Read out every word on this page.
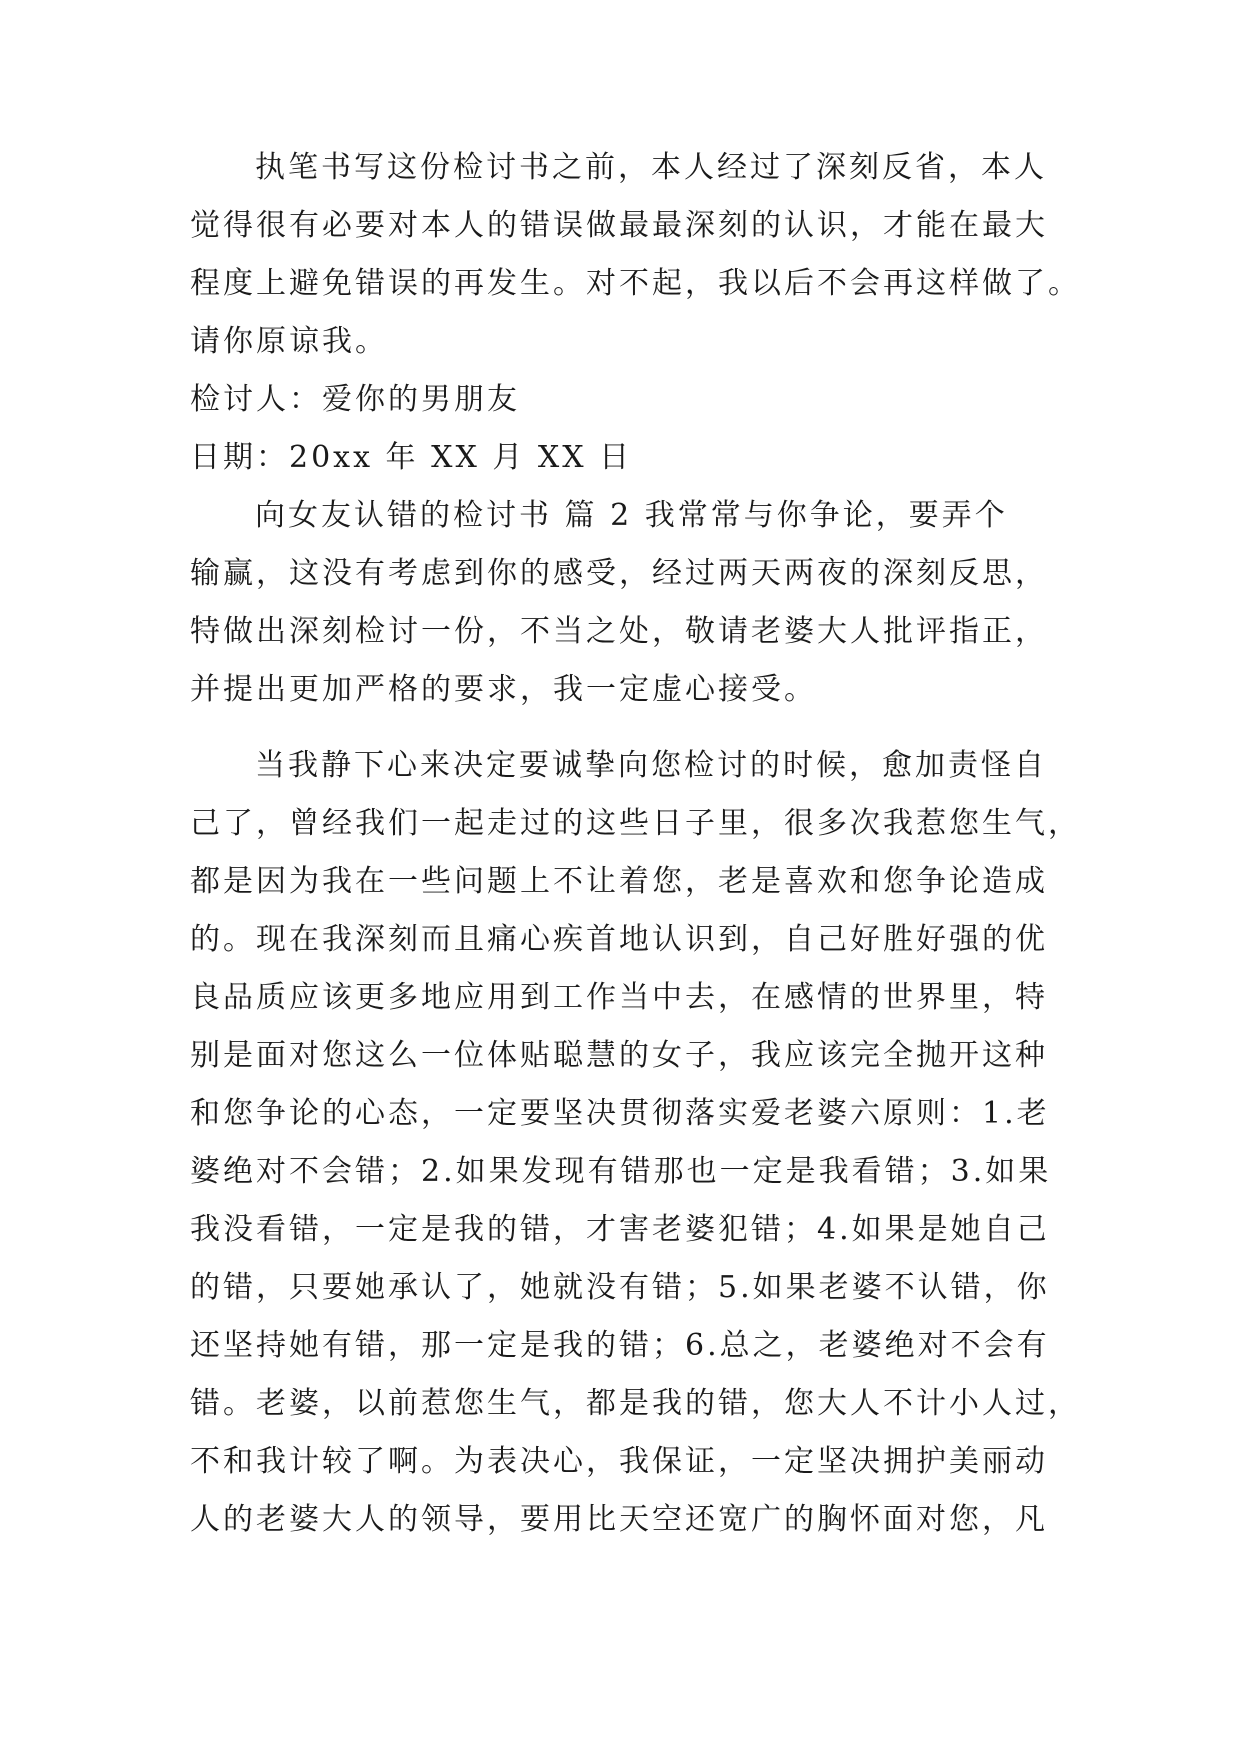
执笔书写这份检讨书之前，本人经过了深刻反省，本人
觉得很有必要对本人的错误做最最深刻的认识，才能在最大
程度上避免错误的再发生。对不起，我以后不会再这样做了。
请你原谅我。
检讨人：爱你的男朋友
日期：20xx 年 XX 月 XX 日
向女友认错的检讨书 篇 2 我常常与你争论，要弄个
输赢，这没有考虑到你的感受，经过两天两夜的深刻反思，
特做出深刻检讨一份，不当之处，敬请老婆大人批评指正，
并提出更加严格的要求，我一定虚心接受。
当我静下心来决定要诚挚向您检讨的时候，愈加责怪自
己了，曾经我们一起走过的这些日子里，很多次我惹您生气，
都是因为我在一些问题上不让着您，老是喜欢和您争论造成
的。现在我深刻而且痛心疾首地认识到，自己好胜好强的优
良品质应该更多地应用到工作当中去，在感情的世界里，特
别是面对您这么一位体贴聪慧的女子，我应该完全抛开这种
和您争论的心态，一定要坚决贯彻落实爱老婆六原则：1.老
婆绝对不会错；2.如果发现有错那也一定是我看错；3.如果
我没看错，一定是我的错，才害老婆犯错；4.如果是她自己
的错，只要她承认了，她就没有错；5.如果老婆不认错，你
还坚持她有错，那一定是我的错；6.总之，老婆绝对不会有
错。老婆，以前惹您生气，都是我的错，您大人不计小人过，
不和我计较了啊。为表决心，我保证，一定坚决拥护美丽动
人的老婆大人的领导，要用比天空还宽广的胸怀面对您，凡
